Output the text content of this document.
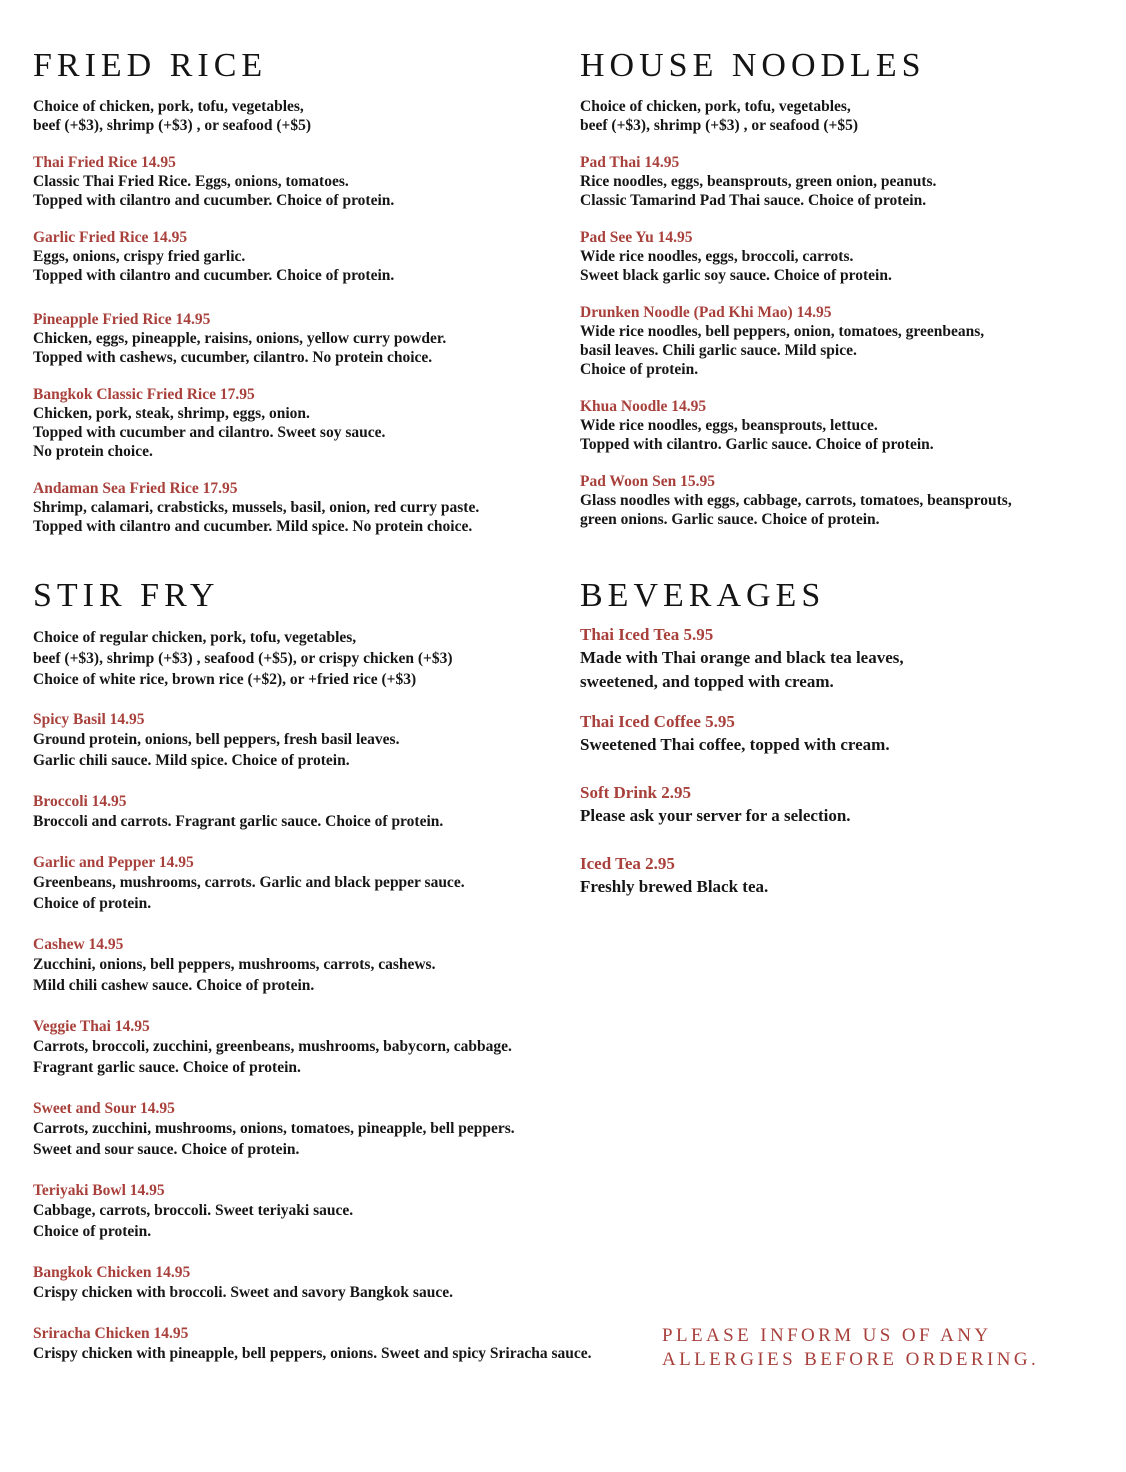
FRIED RICE
Choice of chicken, pork, tofu, vegetables,
beef (+$3), shrimp (+$3) , or seafood (+$5)
Thai Fried Rice 14.95
Classic Thai Fried Rice. Eggs, onions, tomatoes.
Topped with cilantro and cucumber. Choice of protein.
Garlic Fried Rice 14.95
Eggs, onions, crispy fried garlic.
Topped with cilantro and cucumber. Choice of protein.
Pineapple Fried Rice 14.95
Chicken, eggs, pineapple, raisins, onions, yellow curry powder.
Topped with cashews, cucumber, cilantro. No protein choice.
Bangkok Classic Fried Rice 17.95
Chicken, pork, steak, shrimp, eggs, onion.
Topped with cucumber and cilantro. Sweet soy sauce.
No protein choice.
Andaman Sea Fried Rice 17.95
Shrimp, calamari, crabsticks, mussels, basil, onion, red curry paste.
Topped with cilantro and cucumber. Mild spice. No protein choice.
HOUSE NOODLES
Choice of chicken, pork, tofu, vegetables,
beef (+$3), shrimp (+$3) , or seafood (+$5)
Pad Thai 14.95
Rice noodles, eggs, beansprouts, green onion, peanuts.
Classic Tamarind Pad Thai sauce. Choice of protein.
Pad See Yu 14.95
Wide rice noodles, eggs, broccoli, carrots.
Sweet black garlic soy sauce. Choice of protein.
Drunken Noodle (Pad Khi Mao) 14.95
Wide rice noodles, bell peppers, onion, tomatoes, greenbeans,
basil leaves. Chili garlic sauce. Mild spice.
Choice of protein.
Khua Noodle 14.95
Wide rice noodles, eggs, beansprouts, lettuce.
Topped with cilantro. Garlic sauce. Choice of protein.
Pad Woon Sen 15.95
Glass noodles with eggs, cabbage, carrots, tomatoes, beansprouts,
green onions. Garlic sauce. Choice of protein.
STIR FRY
Choice of regular chicken, pork, tofu, vegetables,
beef (+$3), shrimp (+$3) , seafood (+$5), or crispy chicken (+$3)
Choice of white rice, brown rice (+$2), or +fried rice (+$3)
Spicy Basil 14.95
Ground protein, onions, bell peppers, fresh basil leaves.
Garlic chili sauce. Mild spice. Choice of protein.
Broccoli 14.95
Broccoli and carrots. Fragrant garlic sauce. Choice of protein.
Garlic and Pepper 14.95
Greenbeans, mushrooms, carrots. Garlic and black pepper sauce.
Choice of protein.
Cashew 14.95
Zucchini, onions, bell peppers, mushrooms, carrots, cashews.
Mild chili cashew sauce. Choice of protein.
Veggie Thai 14.95
Carrots, broccoli, zucchini, greenbeans, mushrooms, babycorn, cabbage.
Fragrant garlic sauce. Choice of protein.
Sweet and Sour 14.95
Carrots, zucchini, mushrooms, onions, tomatoes, pineapple, bell peppers.
Sweet and sour sauce. Choice of protein.
Teriyaki Bowl 14.95
Cabbage, carrots, broccoli. Sweet teriyaki sauce.
Choice of protein.
Bangkok Chicken 14.95
Crispy chicken with broccoli. Sweet and savory Bangkok sauce.
Sriracha Chicken 14.95
Crispy chicken with pineapple, bell peppers, onions. Sweet and spicy Sriracha sauce.
BEVERAGES
Thai Iced Tea 5.95
Made with Thai orange and black tea leaves,
sweetened, and topped with cream.
Thai Iced Coffee 5.95
Sweetened Thai coffee, topped with cream.
Soft Drink 2.95
Please ask your server for a selection.
Iced Tea 2.95
Freshly brewed Black tea.

PLEASE INFORM US OF ANY
ALLERGIES BEFORE ORDERING.
